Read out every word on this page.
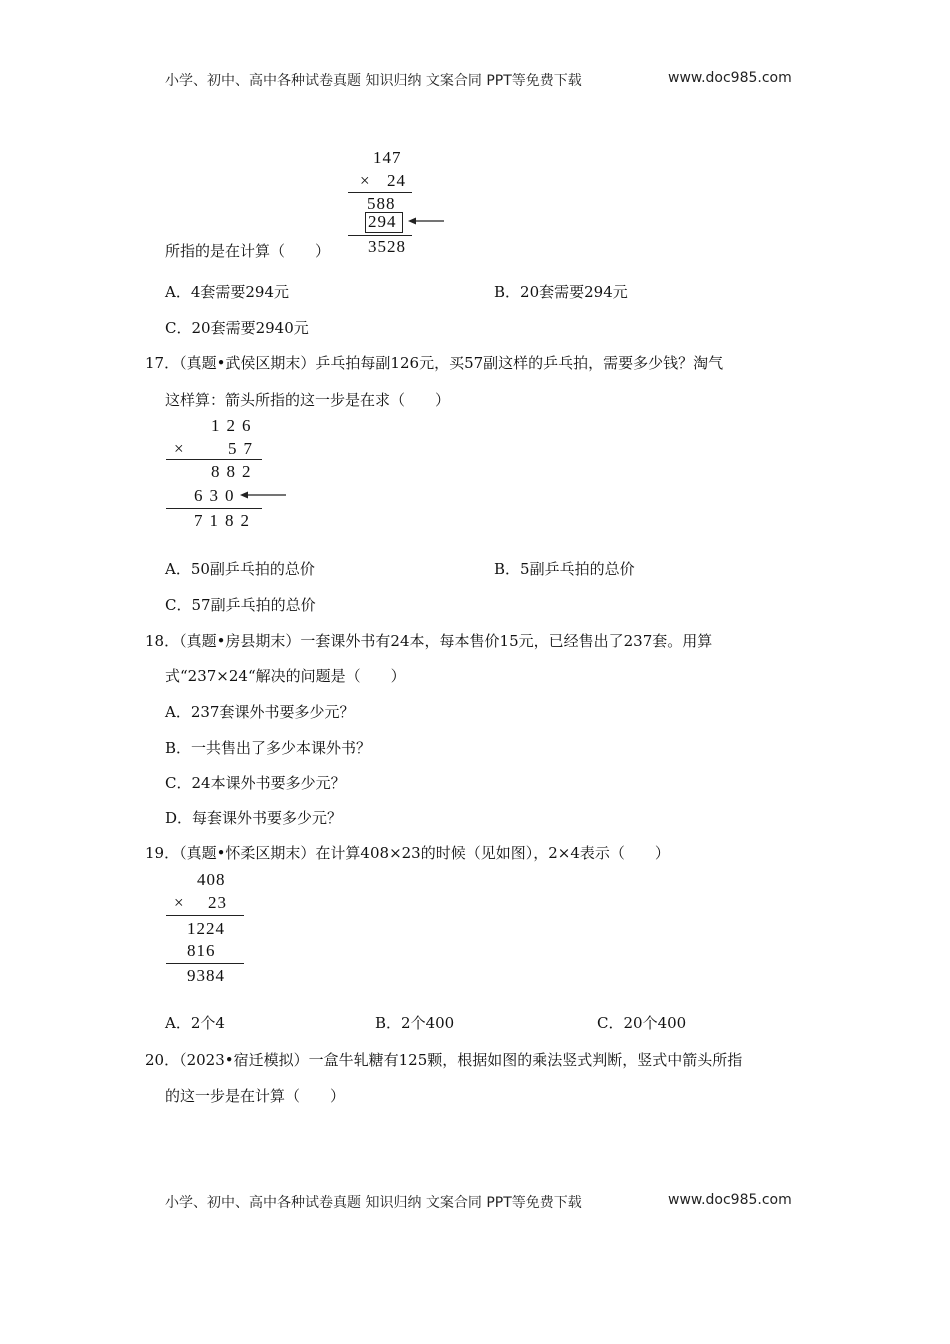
小学、初中、高中各种试卷真题 知识归纳 文案合同 PPT等免费下载	www.doc985.com
147
× 24
588
294
3528
所指的是在计算（　　）
A．4套需要294元	B．20套需要294元
C．20套需要2940元
17．（真题•武侯区期末）乒乓拍每副126元，买57副这样的乒乓拍，需要多少钱？淘气
这样算：箭头所指的这一步是在求（　　）
126
×	57
882
630
7182
A．50副乒乓拍的总价	B．5副乒乓拍的总价
C．57副乒乓拍的总价
18．（真题•房县期末）一套课外书有24本，每本售价15元，已经售出了237套。用算
式“237×24“解决的问题是（　　）
A．237套课外书要多少元？
B．一共售出了多少本课外书？
C．24本课外书要多少元？
D．每套课外书要多少元？
19．（真题•怀柔区期末）在计算408×23的时候（见如图），2×4表示（　　）
408
× 23
1224
816
9384
A．2个4	B．2个400	C．20个400
20．（2023•宿迁模拟）一盒牛轧糖有125颗，根据如图的乘法竖式判断，竖式中箭头所指
的这一步是在计算（　　）
小学、初中、高中各种试卷真题 知识归纳 文案合同 PPT等免费下载	www.doc985.com
